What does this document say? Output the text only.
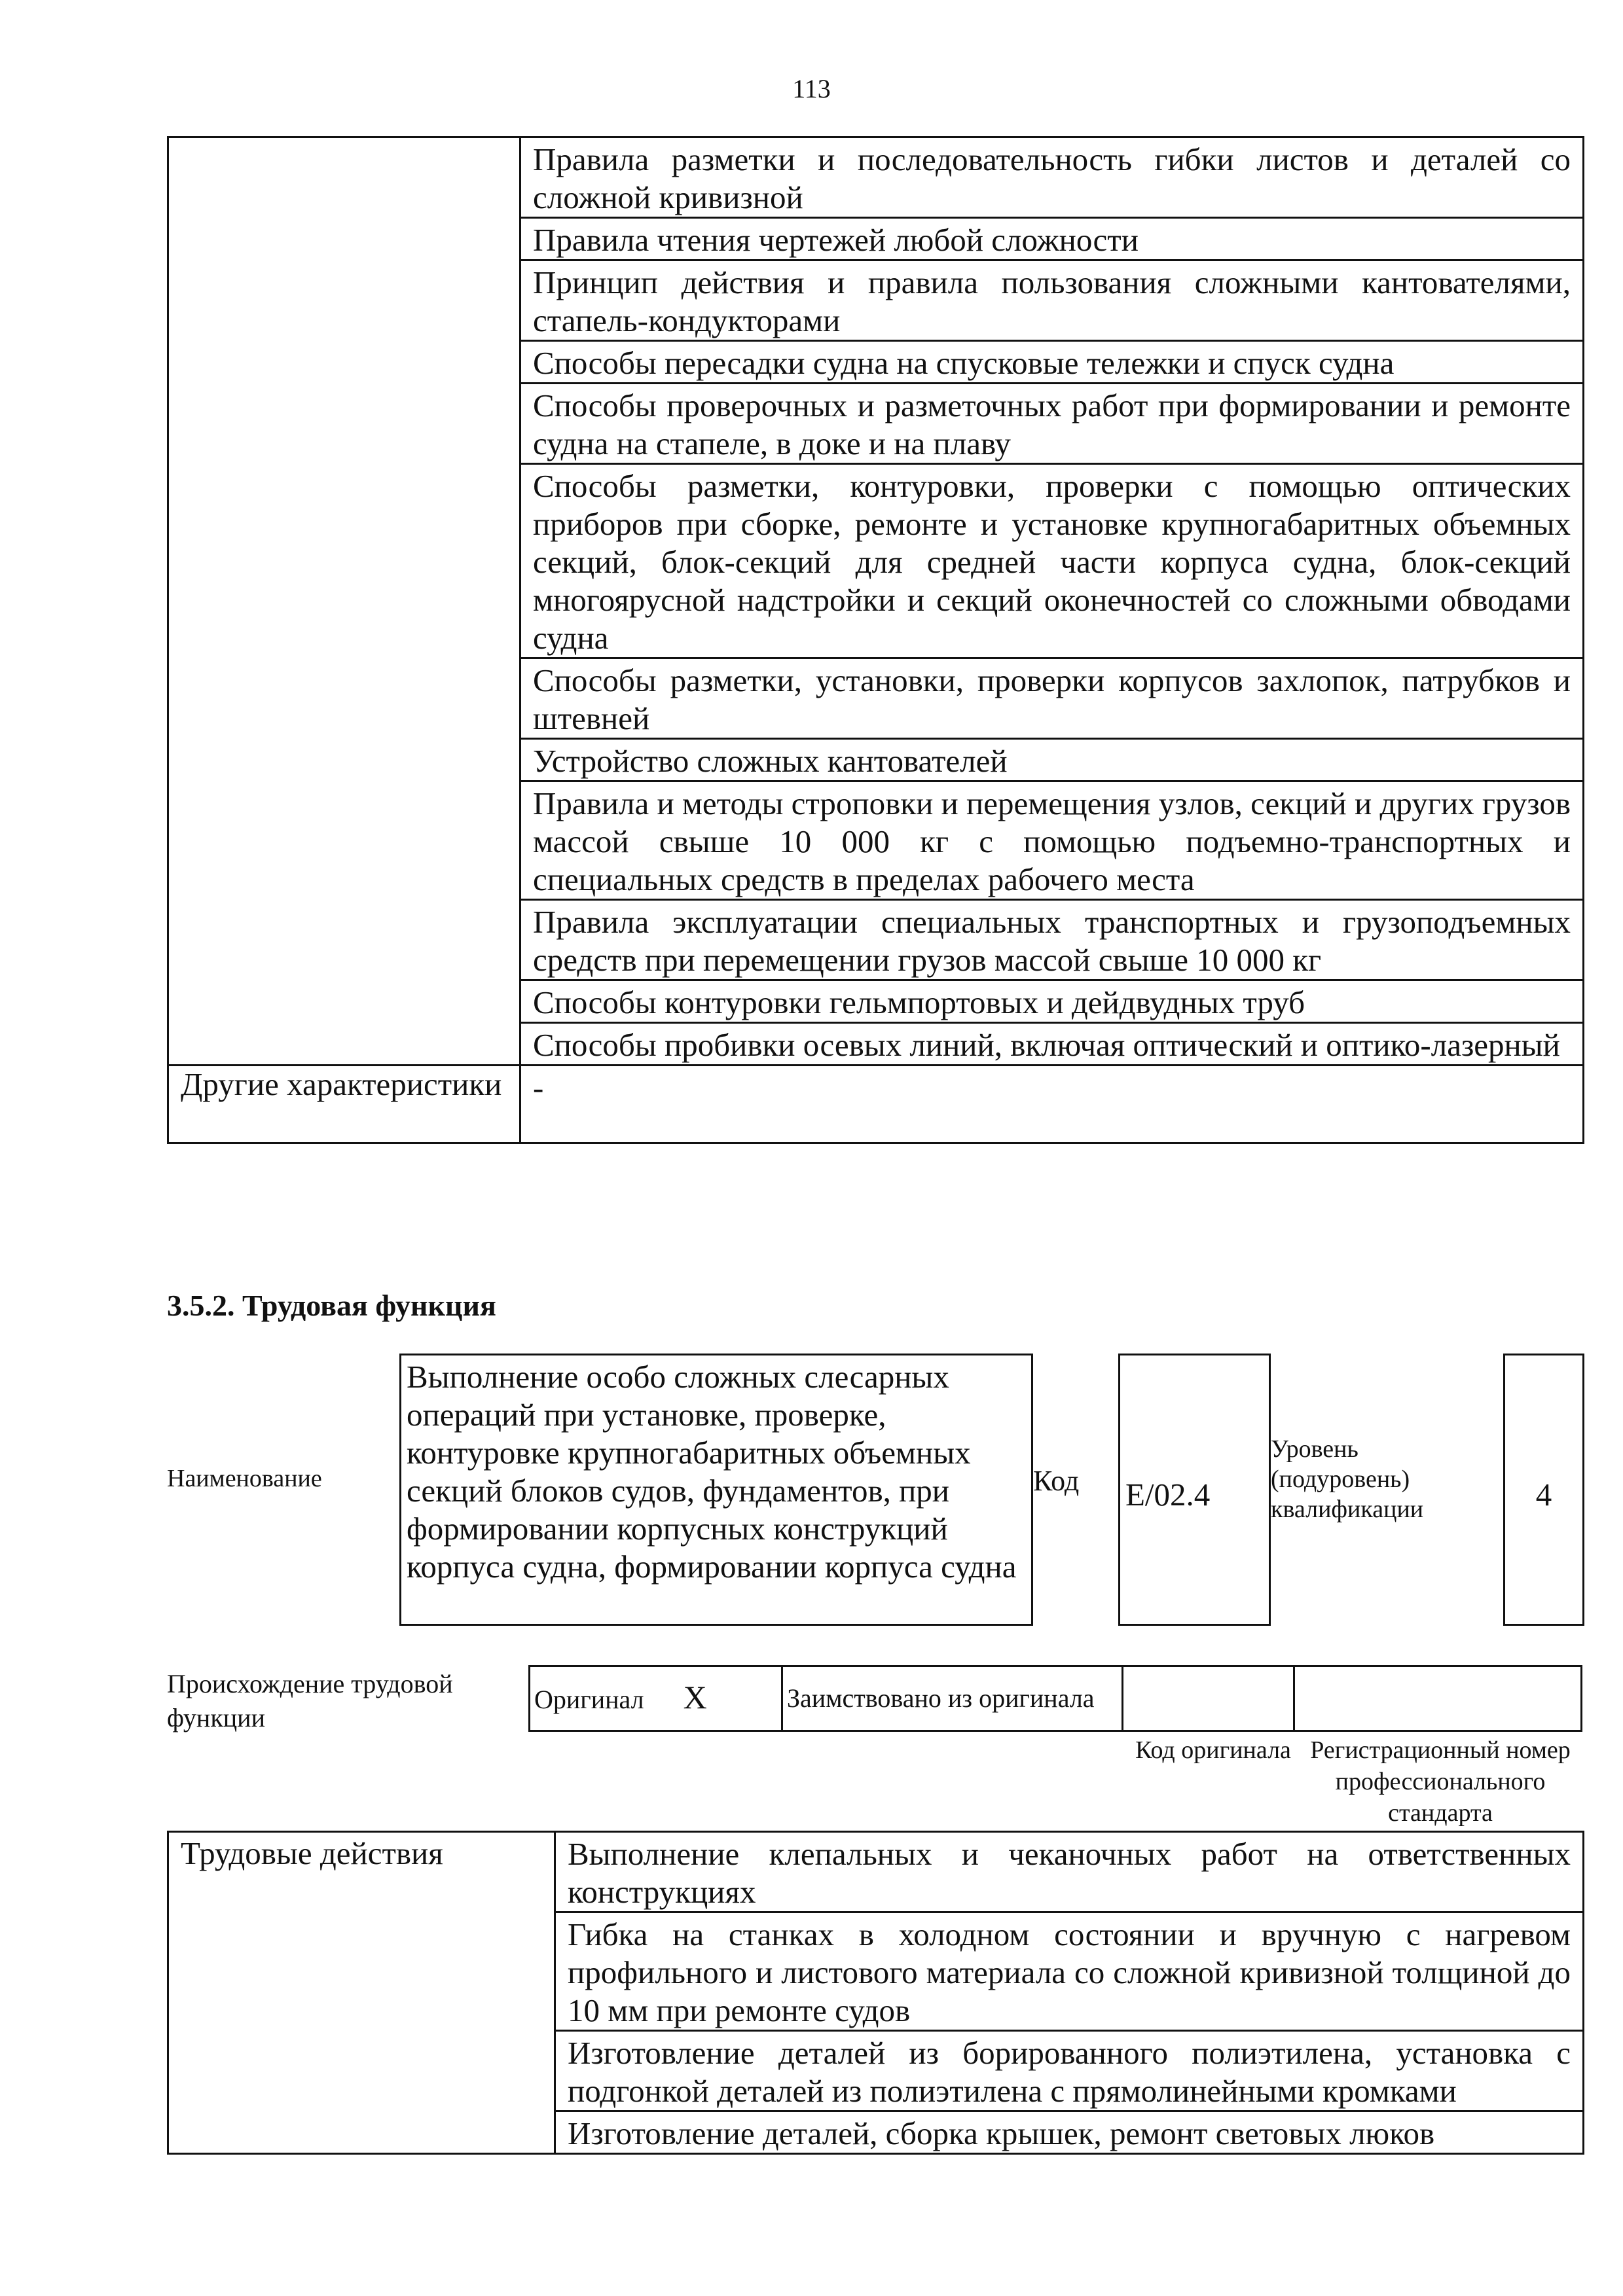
113
	Правила разметки и последовательность гибки листов и деталей со сложной кривизной
	Правила чтения чертежей любой сложности
	Принцип действия и правила пользования сложными кантователями, стапель-кондукторами
	Способы пересадки судна на спусковые тележки и спуск судна
	Способы проверочных и разметочных работ при формировании и ремонте судна на стапеле, в доке и на плаву
	Способы разметки, контуровки, проверки с помощью оптических приборов при сборке, ремонте и установке крупногабаритных объемных секций, блок-секций для средней части корпуса судна, блок-секций многоярусной надстройки и секций оконечностей со сложными обводами судна
	Способы разметки, установки, проверки корпусов захлопок, патрубков и штевней
	Устройство сложных кантователей
	Правила и методы строповки и перемещения узлов, секций и других грузов массой свыше 10 000 кг с помощью подъемно-транспортных и специальных средств в пределах рабочего места
	Правила эксплуатации специальных транспортных и грузоподъемных средств при перемещении грузов массой свыше 10 000 кг
	Способы контуровки гельмпортовых и дейдвудных труб
	Способы пробивки осевых линий, включая оптический и оптико-лазерный
Другие характеристики	-
3.5.2. Трудовая функция
Наименование
Выполнение особо сложных слесарных операций при установке, проверке, контуровке крупногабаритных объемных секций блоков судов, фундаментов, при формировании корпусных конструкций корпуса судна, формировании корпуса судна
Код E/02.4
Уровень (подуровень) квалификации	4
Происхождение трудовой функции
Оригинал X	Заимствовано из оригинала		
Код оригинала Регистрационный номер профессионального стандарта
Трудовые действия	Выполнение клепальных и чеканочных работ на ответственных конструкциях
Гибка на станках в холодном состоянии и вручную с нагревом профильного и листового материала со сложной кривизной толщиной до 10 мм при ремонте судов
Изготовление деталей из борированного полиэтилена, установка с подгонкой деталей из полиэтилена с прямолинейными кромками
Изготовление деталей, сборка крышек, ремонт световых люков
